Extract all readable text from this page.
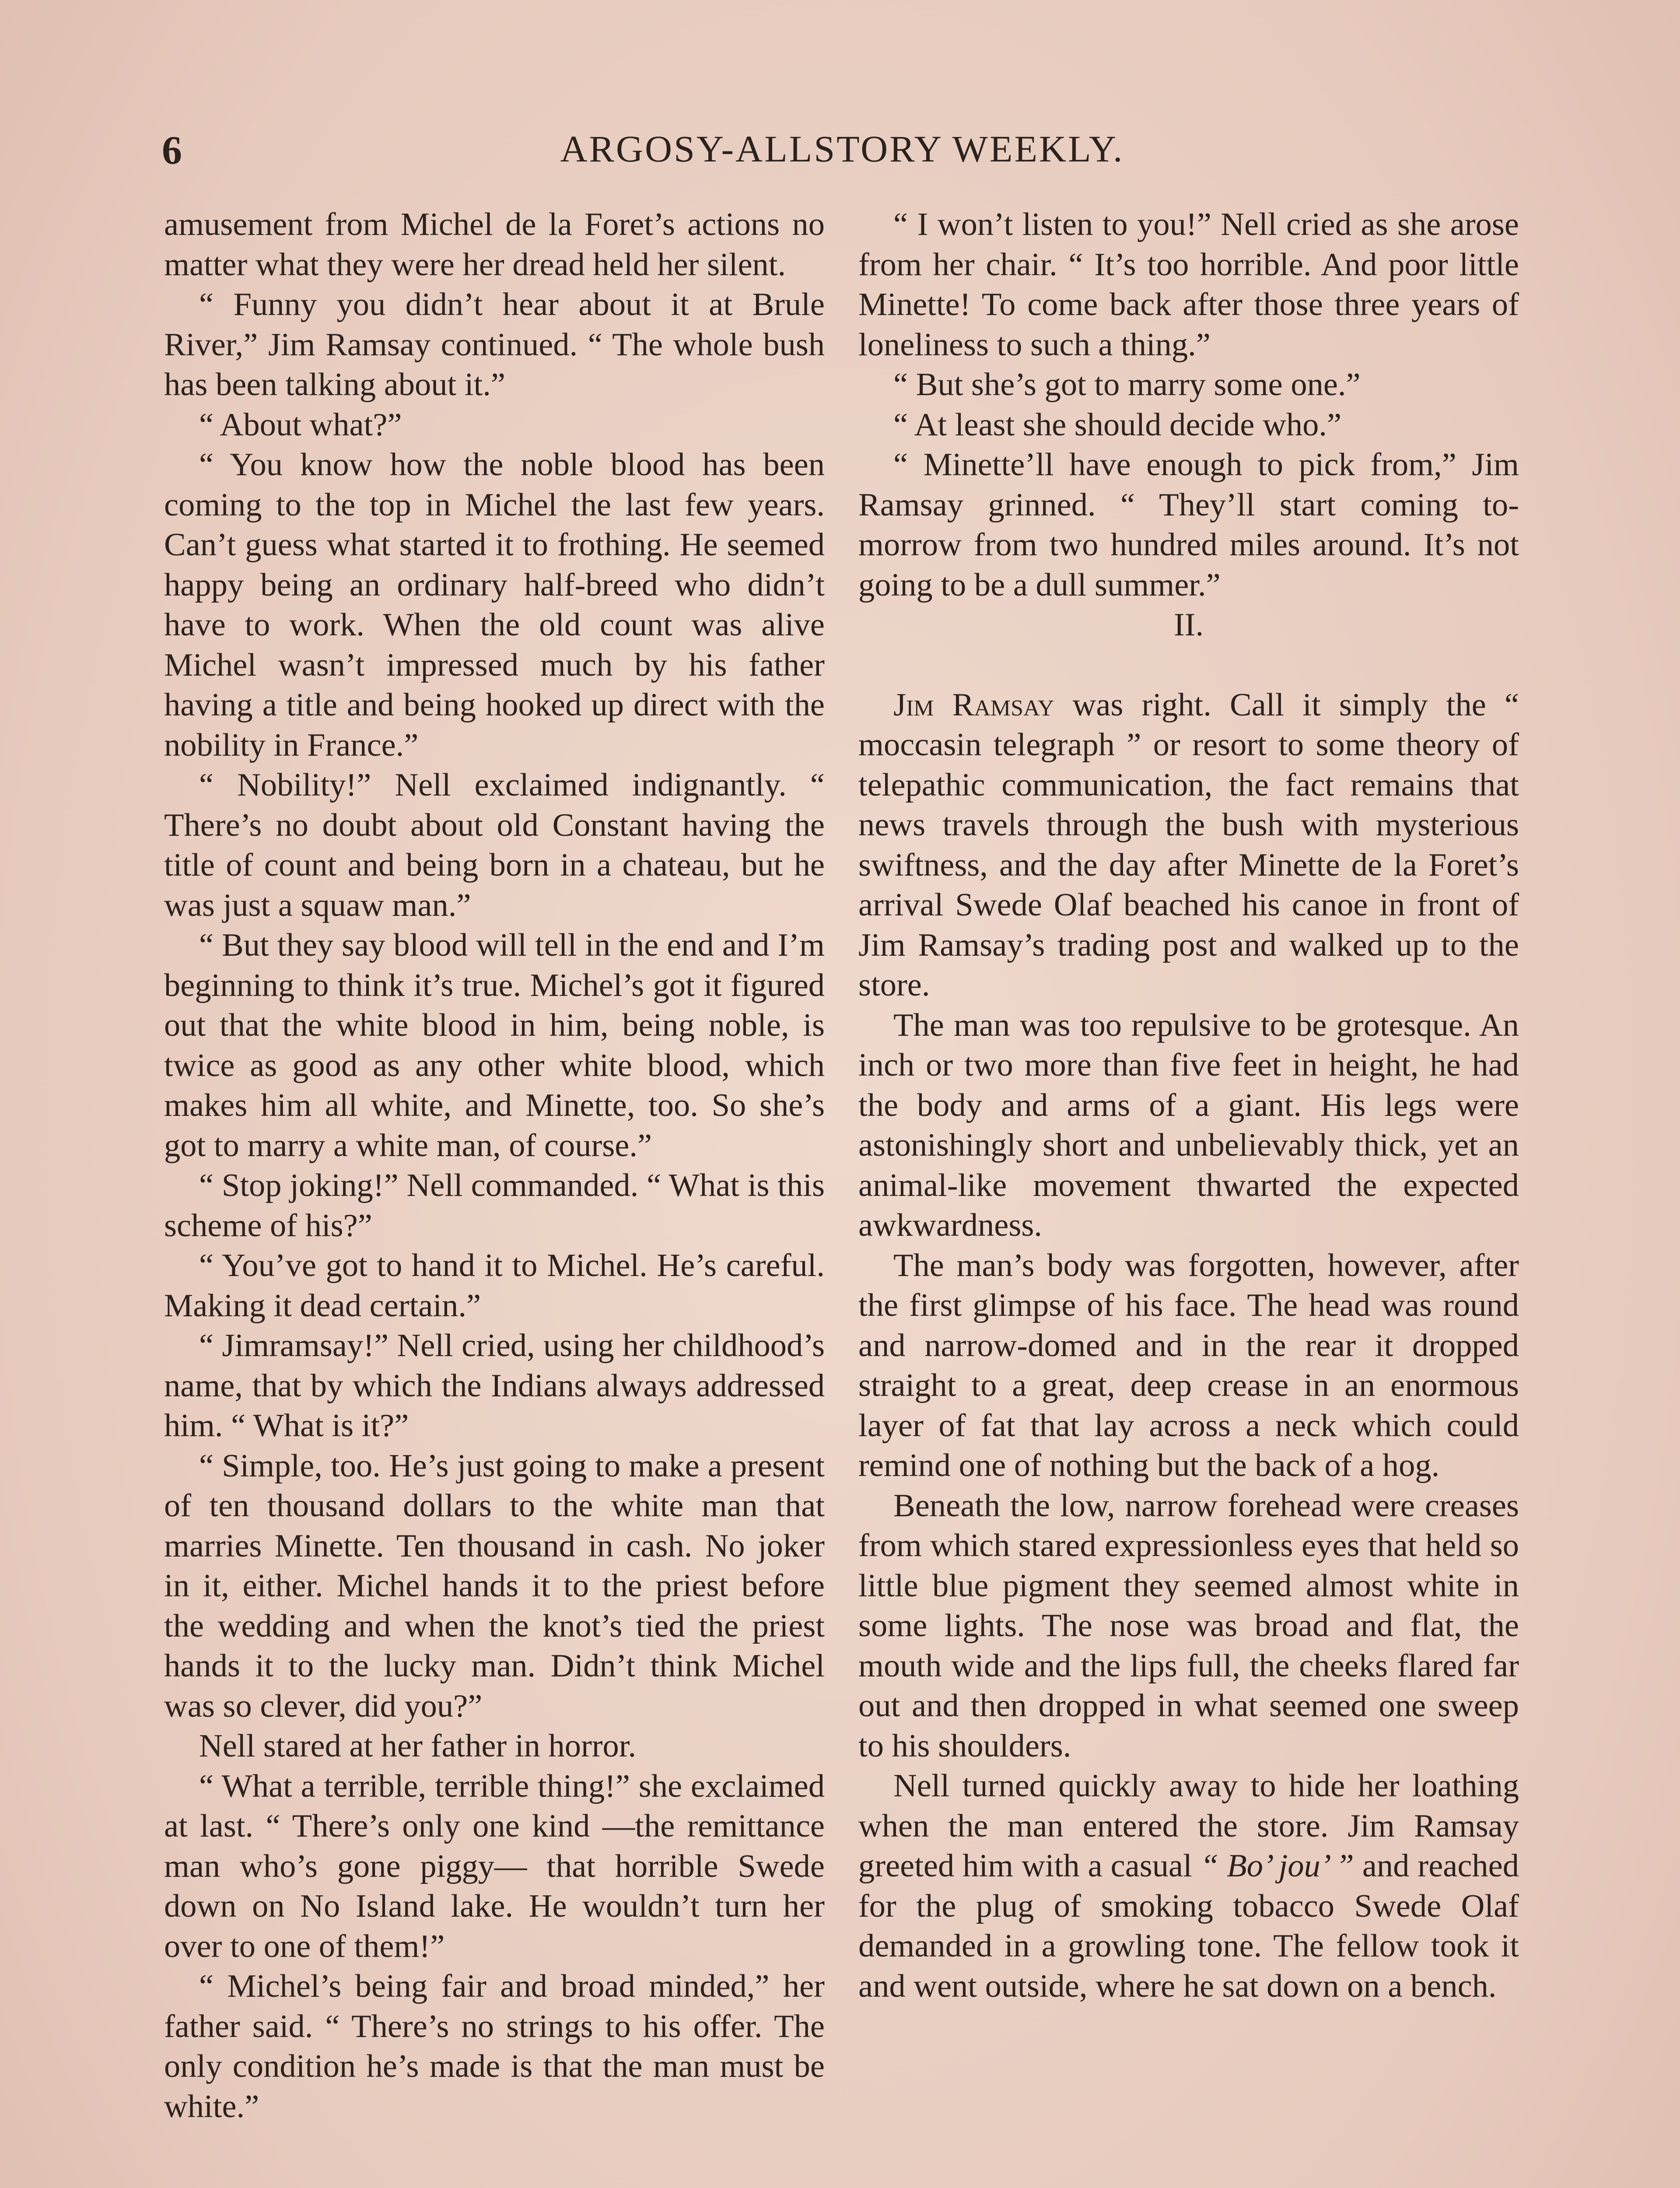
6	ARGOSY-ALLSTORY WEEKLY.

amusement from Michel de la Foret’s actions no matter what they were her dread held her silent.

“ Funny you didn’t hear about it at Brule River,” Jim Ramsay continued. “ The whole bush has been talking about it.”

“ About what?”

“ You know how the noble blood has been coming to the top in Michel the last few years. Can’t guess what started it to frothing. He seemed happy being an ordinary half-breed who didn’t have to work. When the old count was alive Michel wasn’t impressed much by his father having a title and being hooked up direct with the nobility in France.”

“ Nobility!” Nell exclaimed indignantly. “ There’s no doubt about old Constant having the title of count and being born in a chateau, but he was just a squaw man.”

“ But they say blood will tell in the end and I’m beginning to think it’s true. Michel’s got it figured out that the white blood in him, being noble, is twice as good as any other white blood, which makes him all white, and Minette, too. So she’s got to marry a white man, of course.”

“ Stop joking!” Nell commanded. “ What is this scheme of his?”

“ You’ve got to hand it to Michel. He’s careful. Making it dead certain.”

“ Jimramsay!” Nell cried, using her childhood’s name, that by which the Indians always addressed him. “ What is it?”

“ Simple, too. He’s just going to make a present of ten thousand dollars to the white man that marries Minette. Ten thousand in cash. No joker in it, either. Michel hands it to the priest before the wedding and when the knot’s tied the priest hands it to the lucky man. Didn’t think Michel was so clever, did you?”

Nell stared at her father in horror.

“ What a terrible, terrible thing!” she exclaimed at last. “ There’s only one kind —the remittance man who’s gone piggy— that horrible Swede down on No Island lake. He wouldn’t turn her over to one of them!”

“ Michel’s being fair and broad minded,” her father said. “ There’s no strings to his offer. The only condition he’s made is that the man must be white.”

“ I won’t listen to you!” Nell cried as she arose from her chair. “ It’s too horrible. And poor little Minette! To come back after those three years of loneliness to such a thing.”

“ But she’s got to marry some one.”

“ At least she should decide who.”

“ Minette’ll have enough to pick from,” Jim Ramsay grinned. “ They’ll start coming to-morrow from two hundred miles around. It’s not going to be a dull summer.”

II.

Jim Ramsay was right. Call it simply the “ moccasin telegraph ” or resort to some theory of telepathic communication, the fact remains that news travels through the bush with mysterious swiftness, and the day after Minette de la Foret’s arrival Swede Olaf beached his canoe in front of Jim Ramsay’s trading post and walked up to the store.

The man was too repulsive to be grotesque. An inch or two more than five feet in height, he had the body and arms of a giant. His legs were astonishingly short and unbelievably thick, yet an animal-like movement thwarted the expected awkwardness.

The man’s body was forgotten, however, after the first glimpse of his face. The head was round and narrow-domed and in the rear it dropped straight to a great, deep crease in an enormous layer of fat that lay across a neck which could remind one of nothing but the back of a hog.

Beneath the low, narrow forehead were creases from which stared expressionless eyes that held so little blue pigment they seemed almost white in some lights. The nose was broad and flat, the mouth wide and the lips full, the cheeks flared far out and then dropped in what seemed one sweep to his shoulders.

Nell turned quickly away to hide her loathing when the man entered the store. Jim Ramsay greeted him with a casual “ Bo’ jou’ ” and reached for the plug of smoking tobacco Swede Olaf demanded in a growling tone. The fellow took it and went outside, where he sat down on a bench.
